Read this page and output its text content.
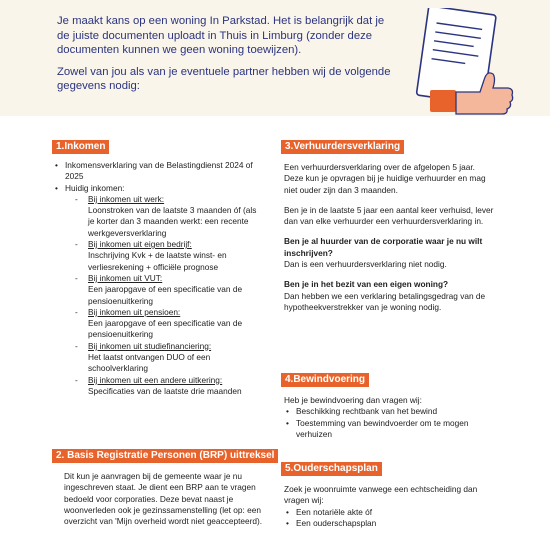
Je maakt kans op een woning In Parkstad. Het is belangrijk dat je de juiste documenten uploadt in Thuis in Limburg (zonder deze documenten kunnen we geen woning toewijzen).

Zowel van jou als van je eventuele partner hebben wij de volgende gegevens nodig:

1.Inkomen
• Inkomensverklaring van de Belastingdienst 2024 of 2025
• Huidig inkomen:
- Bij inkomen uit werk:
Loonstroken van de laatste 3 maanden óf (als je korter dan 3 maanden werkt: een recente werkgeversverklaring
- Bij inkomen uit eigen bedrijf:
Inschrijving Kvk + de laatste winst- en verliesrekening + officiële prognose
- Bij inkomen uit VUT:
Een jaaropgave of een specificatie van de pensioenuitkering
- Bij inkomen uit pensioen:
Een jaaropgave of een specificatie van de pensioenuitkering
- Bij inkomen uit studiefinanciering:
Het laatst ontvangen DUO of een schoolverklaring
- Bij inkomen uit een andere uitkering:
Specificaties van de laatste drie maanden
2. Basis Registratie Personen (BRP) uittreksel

Dit kun je aanvragen bij de gemeente waar je nu ingeschreven staat. Je dient een BRP aan te vragen bedoeld voor corporaties. Deze bevat naast je woonverleden ook je gezinssamenstelling (let op: een overzicht van 'Mijn overheid wordt niet geaccepteerd).

3.Verhuurdersverklaring

Een verhuurdersverklaring over de afgelopen 5 jaar. Deze kun je opvragen bij je huidige verhuurder en mag niet ouder zijn dan 3 maanden.

Ben je in de laatste 5 jaar een aantal keer verhuisd, lever dan van elke verhuurder een verhuurdersverklaring in.

Ben je al huurder van de corporatie waar je nu wilt inschrijven?

Dan is een verhuurdersverklaring niet nodig.

Ben je in het bezit van een eigen woning?

Dan hebben we een verklaring betalingsgedrag van de hypotheekverstrekker van je woning nodig.

4.Bewindvoering

Heb je bewindvoering dan vragen wij:

• Beschikking rechtbank van het bewind
• Toestemming van bewindvoerder om te mogen verhuizen
5.Ouderschapsplan

Zoek je woonruimte vanwege een echtscheiding dan vragen wij:

• Een notariële akte óf
• Een ouderschapsplan
